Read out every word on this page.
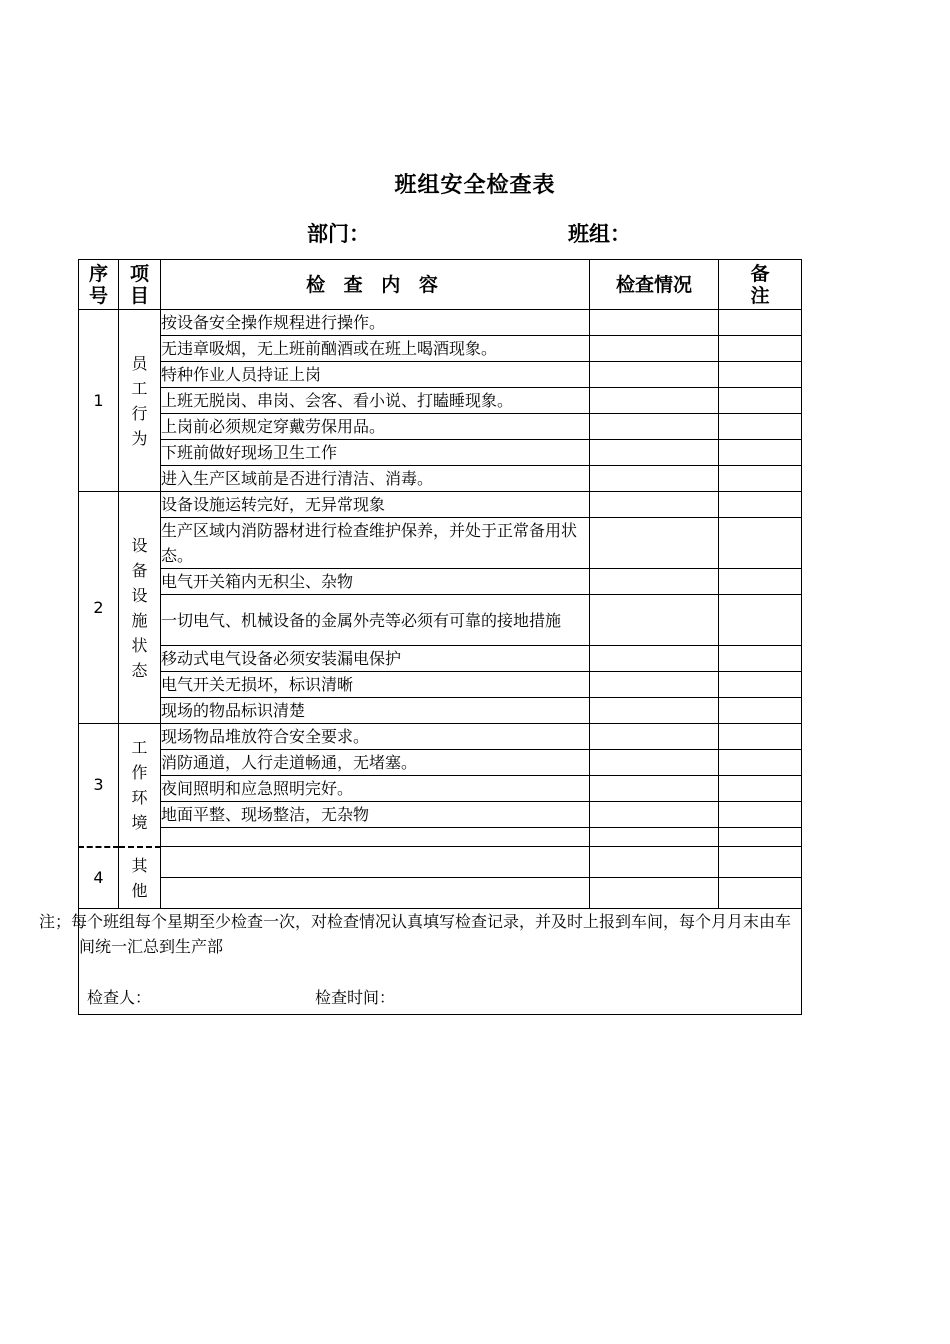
班组安全检查表
部门：	班组：
序号	项目	检 查 内 容	检查情况	备注
1	员工行为	按设备安全操作规程进行操作。		
		无违章吸烟，无上班前酗酒或在班上喝酒现象。		
		特种作业人员持证上岗		
		上班无脱岗、串岗、会客、看小说、打瞌睡现象。		
		上岗前必须规定穿戴劳保用品。		
		下班前做好现场卫生工作		
		进入生产区域前是否进行清洁、消毒。		
2	设备设施状态	设备设施运转完好，无异常现象		
		生产区域内消防器材进行检查维护保养，并处于正常备用状态。		
		电气开关箱内无积尘、杂物		
		一切电气、机械设备的金属外壳等必须有可靠的接地措施		
		移动式电气设备必须安装漏电保护		
		电气开关无损坏，标识清晰		
		现场的物品标识清楚		
3	工作环境	现场物品堆放符合安全要求。		
		消防通道，人行走道畅通，无堵塞。		
		夜间照明和应急照明完好。		
		地面平整、现场整洁，无杂物		

4	其他			

注；每个班组每个星期至少检查一次，对检查情况认真填写检查记录，并及时上报到车间，每个月月末由车间统一汇总到生产部				
检查人：	检查时间：
